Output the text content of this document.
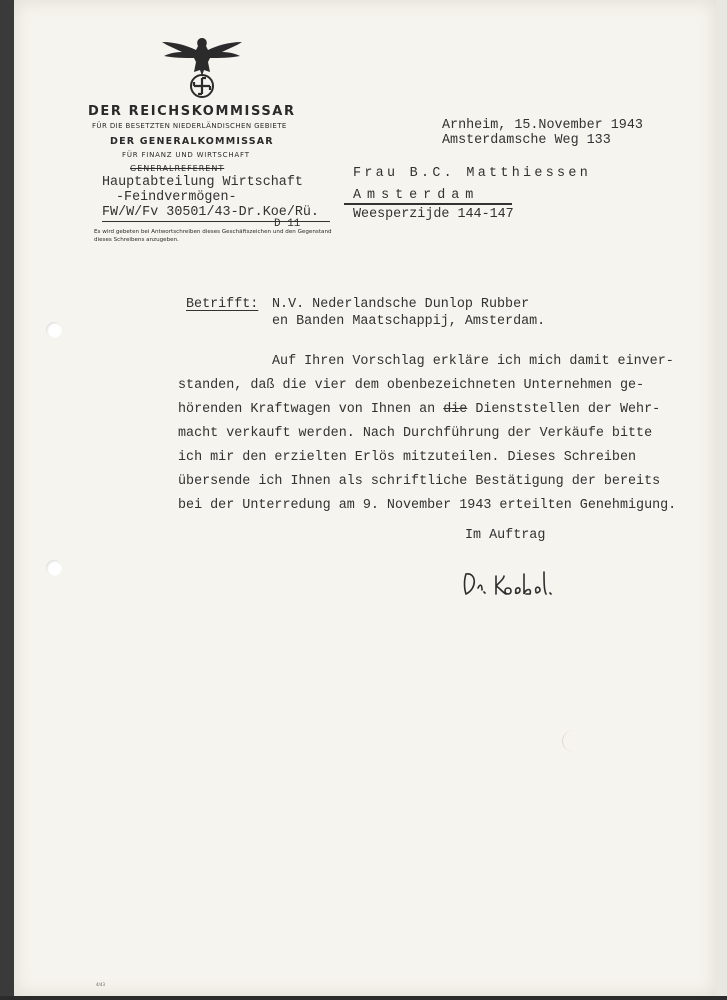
DER REICHSKOMMISSAR
FÜR DIE BESETZTEN NIEDERLÄNDISCHEN GEBIETE
DER GENERALKOMMISSAR
FÜR FINANZ UND WIRTSCHAFT
GENERALREFERENT
Hauptabteilung Wirtschaft
-Feindvermögen-
FW/W/Fv 30501/43-Dr.Koe/Rü.
D 11
Es wird gebeten bei Antwortschreiben dieses Geschäftszeichen und den Gegenstand dieses Schreibens anzugeben.
Arnheim, 15.November 1943
Amsterdamsche Weg 133
Frau B.C. Matthiessen
Amsterdam
Weesperzijde 144-147
Betrifft: N.V. Nederlandsche Dunlop Rubber
en Banden Maatschappij, Amsterdam.
Auf Ihren Vorschlag erkläre ich mich damit einver-
standen, daß die vier dem obenbezeichneten Unternehmen ge-
hörenden Kraftwagen von Ihnen an die Dienststellen der Wehr-
macht verkauft werden. Nach Durchführung der Verkäufe bitte
ich mir den erzielten Erlös mitzuteilen. Dieses Schreiben
übersende ich Ihnen als schriftliche Bestätigung der bereits
bei der Unterredung am 9. November 1943 erteilten Genehmigung.
Im Auftrag
4/43
